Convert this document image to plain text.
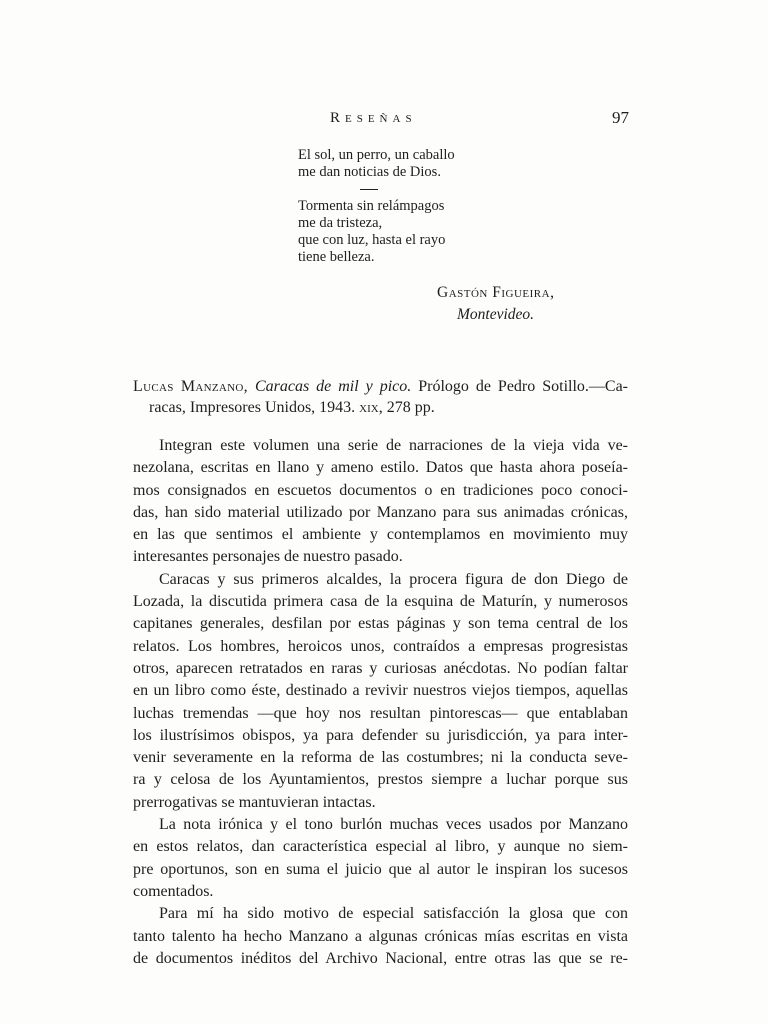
Reseñas	97
El sol, un perro, un caballo
me dan noticias de Dios.
Tormenta sin relámpagos
me da tristeza,
que con luz, hasta el rayo
tiene belleza.
Gastón Figueira,
Montevideo.
Lucas Manzano, Caracas de mil y pico. Prólogo de Pedro Sotillo.—Ca-
racas, Impresores Unidos, 1943. xix, 278 pp.
Integran este volumen una serie de narraciones de la vieja vida ve-
nezolana, escritas en llano y ameno estilo. Datos que hasta ahora poseía-
mos consignados en escuetos documentos o en tradiciones poco conoci-
das, han sido material utilizado por Manzano para sus animadas crónicas,
en las que sentimos el ambiente y contemplamos en movimiento muy
interesantes personajes de nuestro pasado.
Caracas y sus primeros alcaldes, la procera figura de don Diego de
Lozada, la discutida primera casa de la esquina de Maturín, y numerosos
capitanes generales, desfilan por estas páginas y son tema central de los
relatos. Los hombres, heroicos unos, contraídos a empresas progresistas
otros, aparecen retratados en raras y curiosas anécdotas. No podían faltar
en un libro como éste, destinado a revivir nuestros viejos tiempos, aquellas
luchas tremendas —que hoy nos resultan pintorescas— que entablaban
los ilustrísimos obispos, ya para defender su jurisdicción, ya para inter-
venir severamente en la reforma de las costumbres; ni la conducta seve-
ra y celosa de los Ayuntamientos, prestos siempre a luchar porque sus
prerrogativas se mantuvieran intactas.
La nota irónica y el tono burlón muchas veces usados por Manzano
en estos relatos, dan característica especial al libro, y aunque no siem-
pre oportunos, son en suma el juicio que al autor le inspiran los sucesos
comentados.
Para mí ha sido motivo de especial satisfacción la glosa que con
tanto talento ha hecho Manzano a algunas crónicas mías escritas en vista
de documentos inéditos del Archivo Nacional, entre otras las que se re-
